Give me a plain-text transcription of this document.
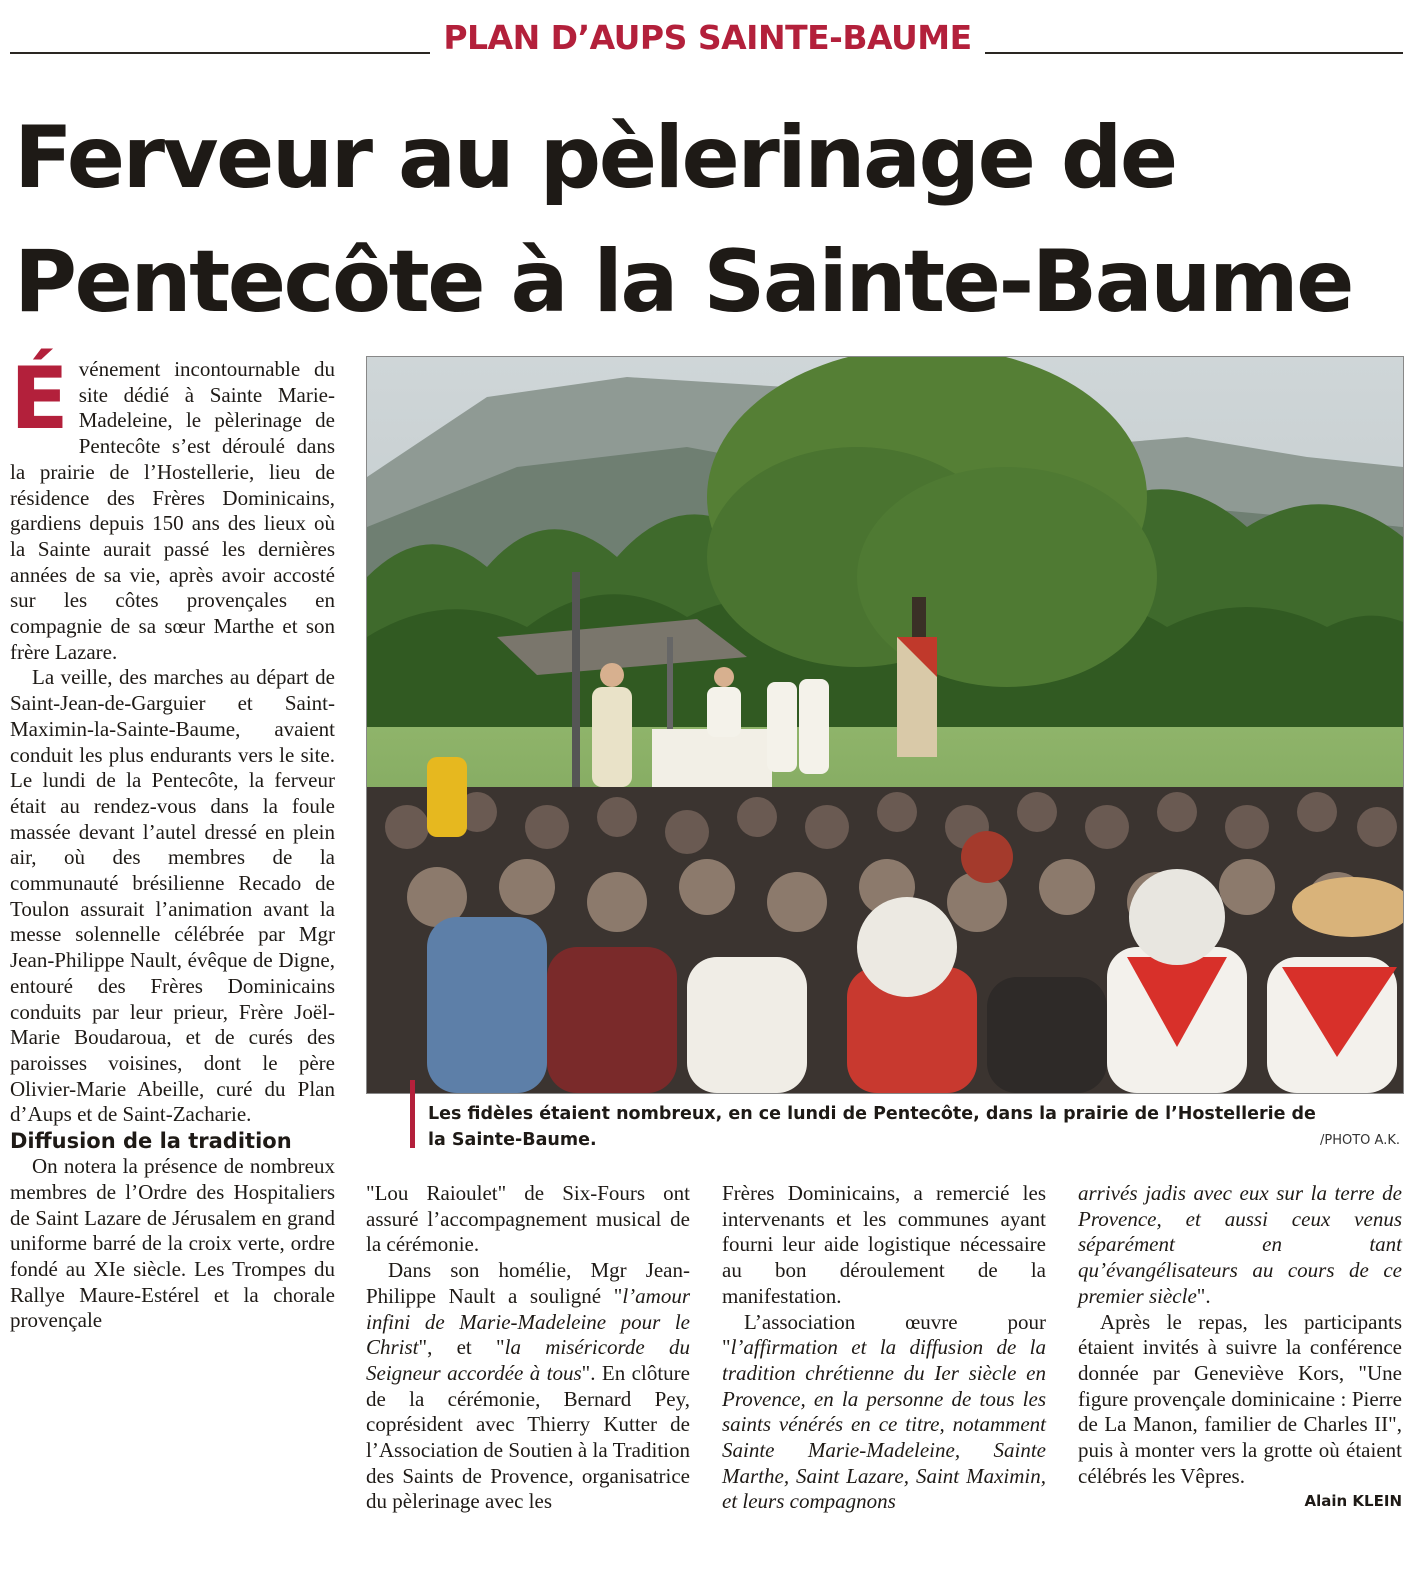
PLAN D’AUPS SAINTE-BAUME
Ferveur au pèlerinage de
Pentecôte à la Sainte-Baume

Événement incontournable du site dédié à Sainte Marie-Madeleine, le pèlerinage de Pentecôte s’est déroulé dans la prairie de l’Hostellerie, lieu de résidence des Frères Dominicains, gardiens depuis 150 ans des lieux où la Sainte aurait passé les dernières années de sa vie, après avoir accosté sur les côtes provençales en compagnie de sa sœur Marthe et son frère Lazare.

La veille, des marches au départ de Saint-Jean-de-Garguier et Saint-Maximin-la-Sainte-Baume, avaient conduit les plus endurants vers le site. Le lundi de la Pentecôte, la ferveur était au rendez-vous dans la foule massée devant l’autel dressé en plein air, où des membres de la communauté brésilienne Recado de Toulon assurait l’animation avant la messe solennelle célébrée par Mgr Jean-Philippe Nault, évêque de Digne, entouré des Frères Dominicains conduits par leur prieur, Frère Joël-Marie Boudaroua, et de curés des paroisses voisines, dont le père Olivier-Marie Abeille, curé du Plan d’Aups et de Saint-Zacharie.

Diffusion de la tradition

On notera la présence de nombreux membres de l’Ordre des Hospitaliers de Saint Lazare de Jérusalem en grand uniforme barré de la croix verte, ordre fondé au XIe siècle. Les Trompes du Rallye Maure-Estérel et la chorale provençale

Les fidèles étaient nombreux, en ce lundi de Pentecôte, dans la prairie de l’Hostellerie de la Sainte-Baume.	/PHOTO A.K.

"Lou Raioulet" de Six-Fours ont assuré l’accompagnement musical de la cérémonie.

Dans son homélie, Mgr Jean-Philippe Nault a souligné "l’amour infini de Marie-Madeleine pour le Christ", et "la miséricorde du Seigneur accordée à tous". En clôture de la cérémonie, Bernard Pey, coprésident avec Thierry Kutter de l’Association de Soutien à la Tradition des Saints de Provence, organisatrice du pèlerinage avec les

Frères Dominicains, a remercié les intervenants et les communes ayant fourni leur aide logistique nécessaire au bon déroulement de la manifestation.

L’association œuvre pour "l’affirmation et la diffusion de la tradition chrétienne du Ier siècle en Provence, en la personne de tous les saints vénérés en ce titre, notamment Sainte Marie-Madeleine, Sainte Marthe, Saint Lazare, Saint Maximin, et leurs compagnons

arrivés jadis avec eux sur la terre de Provence, et aussi ceux venus séparément en tant qu’évangélisateurs au cours de ce premier siècle".

Après le repas, les participants étaient invités à suivre la conférence donnée par Geneviève Kors, "Une figure provençale dominicaine : Pierre de La Manon, familier de Charles II", puis à monter vers la grotte où étaient célébrés les Vêpres.

Alain KLEIN
